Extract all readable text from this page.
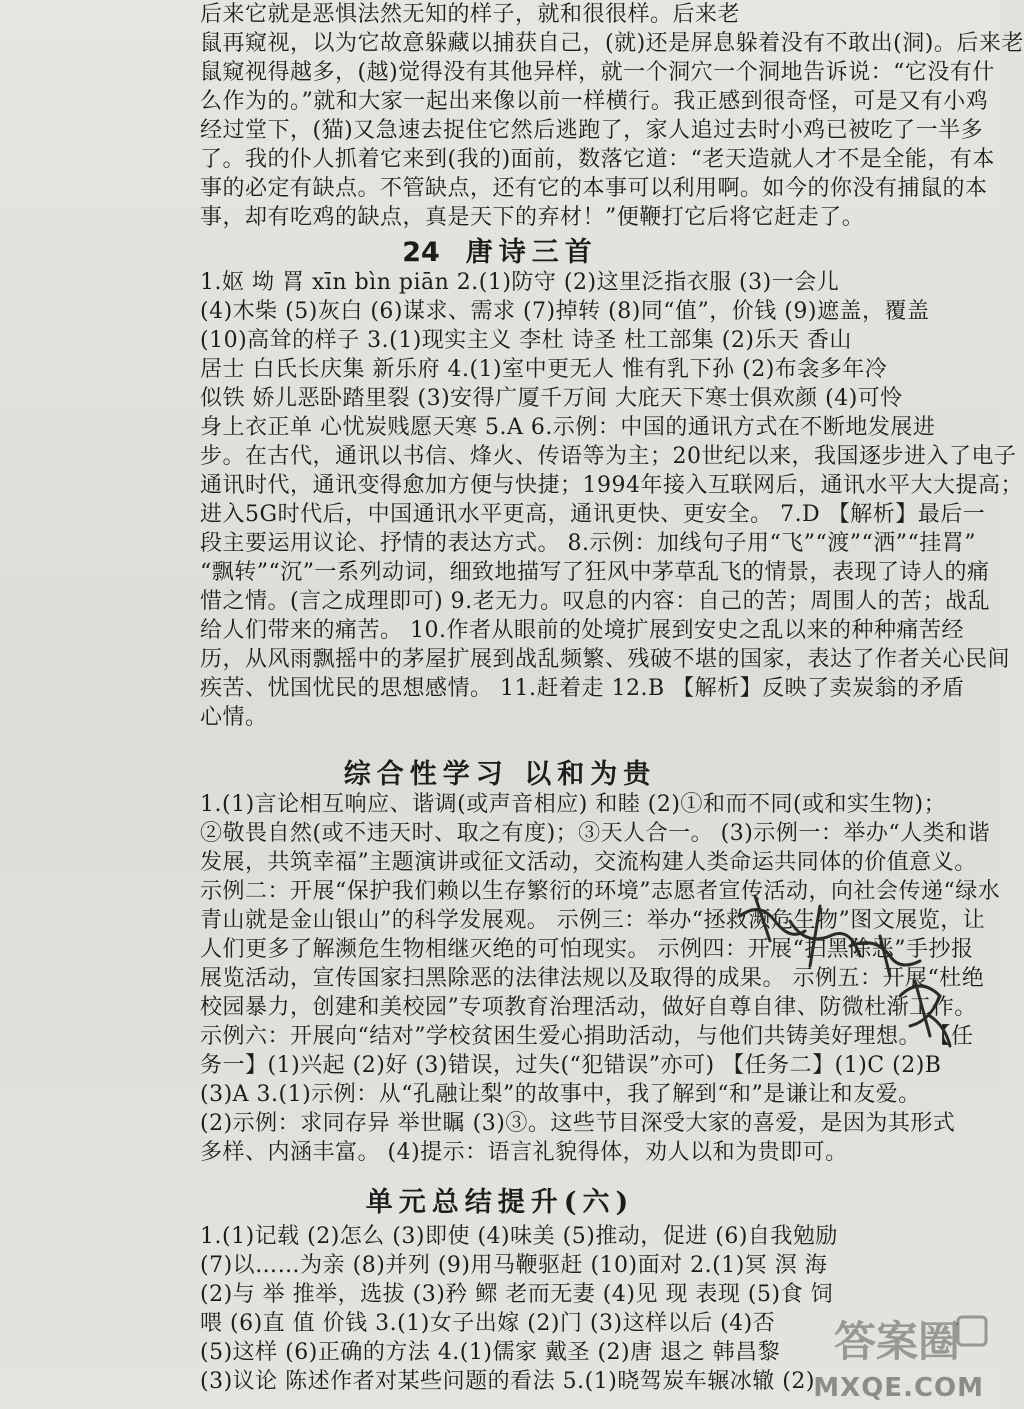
后来它就是恶惧法然无知的样子，就和很很样。后来老
鼠再窥视，以为它故意躲藏以捕获自己，(就)还是屏息躲着没有不敢出(洞)。后来老
鼠窥视得越多，(越)觉得没有其他异样，就一个洞穴一个洞地告诉说：“它没有什
么作为的。”就和大家一起出来像以前一样横行。我正感到很奇怪，可是又有小鸡
经过堂下，(猫)又急速去捉住它然后逃跑了，家人追过去时小鸡已被吃了一半多
了。我的仆人抓着它来到(我的)面前，数落它道：“老天造就人才不是全能，有本
事的必定有缺点。不管缺点，还有它的本事可以利用啊。如今的你没有捕鼠的本
事，却有吃鸡的缺点，真是天下的弃材！”便鞭打它后将它赶走了。
24 唐诗三首
1.妪 坳 罥 xīn bìn piān 2.(1)防守 (2)这里泛指衣服 (3)一会儿
(4)木柴 (5)灰白 (6)谋求、需求 (7)掉转 (8)同“值”，价钱 (9)遮盖，覆盖
(10)高耸的样子 3.(1)现实主义 李杜 诗圣 杜工部集 (2)乐天 香山
居士 白氏长庆集 新乐府 4.(1)室中更无人 惟有乳下孙 (2)布衾多年冷
似铁 娇儿恶卧踏里裂 (3)安得广厦千万间 大庇天下寒士俱欢颜 (4)可怜
身上衣正单 心忧炭贱愿天寒 5.A 6.示例：中国的通讯方式在不断地发展进
步。在古代，通讯以书信、烽火、传语等为主；20世纪以来，我国逐步进入了电子
通讯时代，通讯变得愈加方便与快捷；1994年接入互联网后，通讯水平大大提高；
进入5G时代后，中国通讯水平更高，通讯更快、更安全。 7.D 【解析】最后一
段主要运用议论、抒情的表达方式。 8.示例：加线句子用“飞”“渡”“洒”“挂罥”
“飘转”“沉”一系列动词，细致地描写了狂风中茅草乱飞的情景，表现了诗人的痛
惜之情。(言之成理即可) 9.老无力。叹息的内容：自己的苦；周围人的苦；战乱
给人们带来的痛苦。 10.作者从眼前的处境扩展到安史之乱以来的种种痛苦经
历，从风雨飘摇中的茅屋扩展到战乱频繁、残破不堪的国家，表达了作者关心民间
疾苦、忧国忧民的思想感情。 11.赶着走 12.B 【解析】反映了卖炭翁的矛盾
心情。
综合性学习 以和为贵
1.(1)言论相互响应、谐调(或声音相应) 和睦 (2)①和而不同(或和实生物)；
②敬畏自然(或不违天时、取之有度)；③天人合一。 (3)示例一：举办“人类和谐
发展，共筑幸福”主题演讲或征文活动，交流构建人类命运共同体的价值意义。
示例二：开展“保护我们赖以生存繁衍的环境”志愿者宣传活动，向社会传递“绿水
青山就是金山银山”的科学发展观。 示例三：举办“拯救濒危生物”图文展览，让
人们更多了解濒危生物相继灭绝的可怕现实。 示例四：开展“扫黑除恶”手抄报
展览活动，宣传国家扫黑除恶的法律法规以及取得的成果。 示例五：开展“杜绝
校园暴力，创建和美校园”专项教育治理活动，做好自尊自律、防微杜渐工作。
示例六：开展向“结对”学校贫困生爱心捐助活动，与他们共铸美好理想。 【任
务一】(1)兴起 (2)好 (3)错误，过失(“犯错误”亦可) 【任务二】(1)C (2)B
(3)A 3.(1)示例：从“孔融让梨”的故事中，我了解到“和”是谦让和友爱。
(2)示例：求同存异 举世瞩 (3)③。这些节目深受大家的喜爱，是因为其形式
多样、内涵丰富。 (4)提示：语言礼貌得体，劝人以和为贵即可。
单元总结提升(六)
1.(1)记载 (2)怎么 (3)即使 (4)味美 (5)推动，促进 (6)自我勉励
(7)以……为亲 (8)并列 (9)用马鞭驱赶 (10)面对 2.(1)冥 溟 海
(2)与 举 推举，选拔 (3)矜 鳏 老而无妻 (4)见 现 表现 (5)食 饲
喂 (6)直 值 价钱 3.(1)女子出嫁 (2)门 (3)这样以后 (4)否
(5)这样 (6)正确的方法 4.(1)儒家 戴圣 (2)唐 退之 韩昌黎
(3)议论 陈述作者对某些问题的看法 5.(1)晓驾炭车辗冰辙 (2)
答案圈
MXQE.COM
